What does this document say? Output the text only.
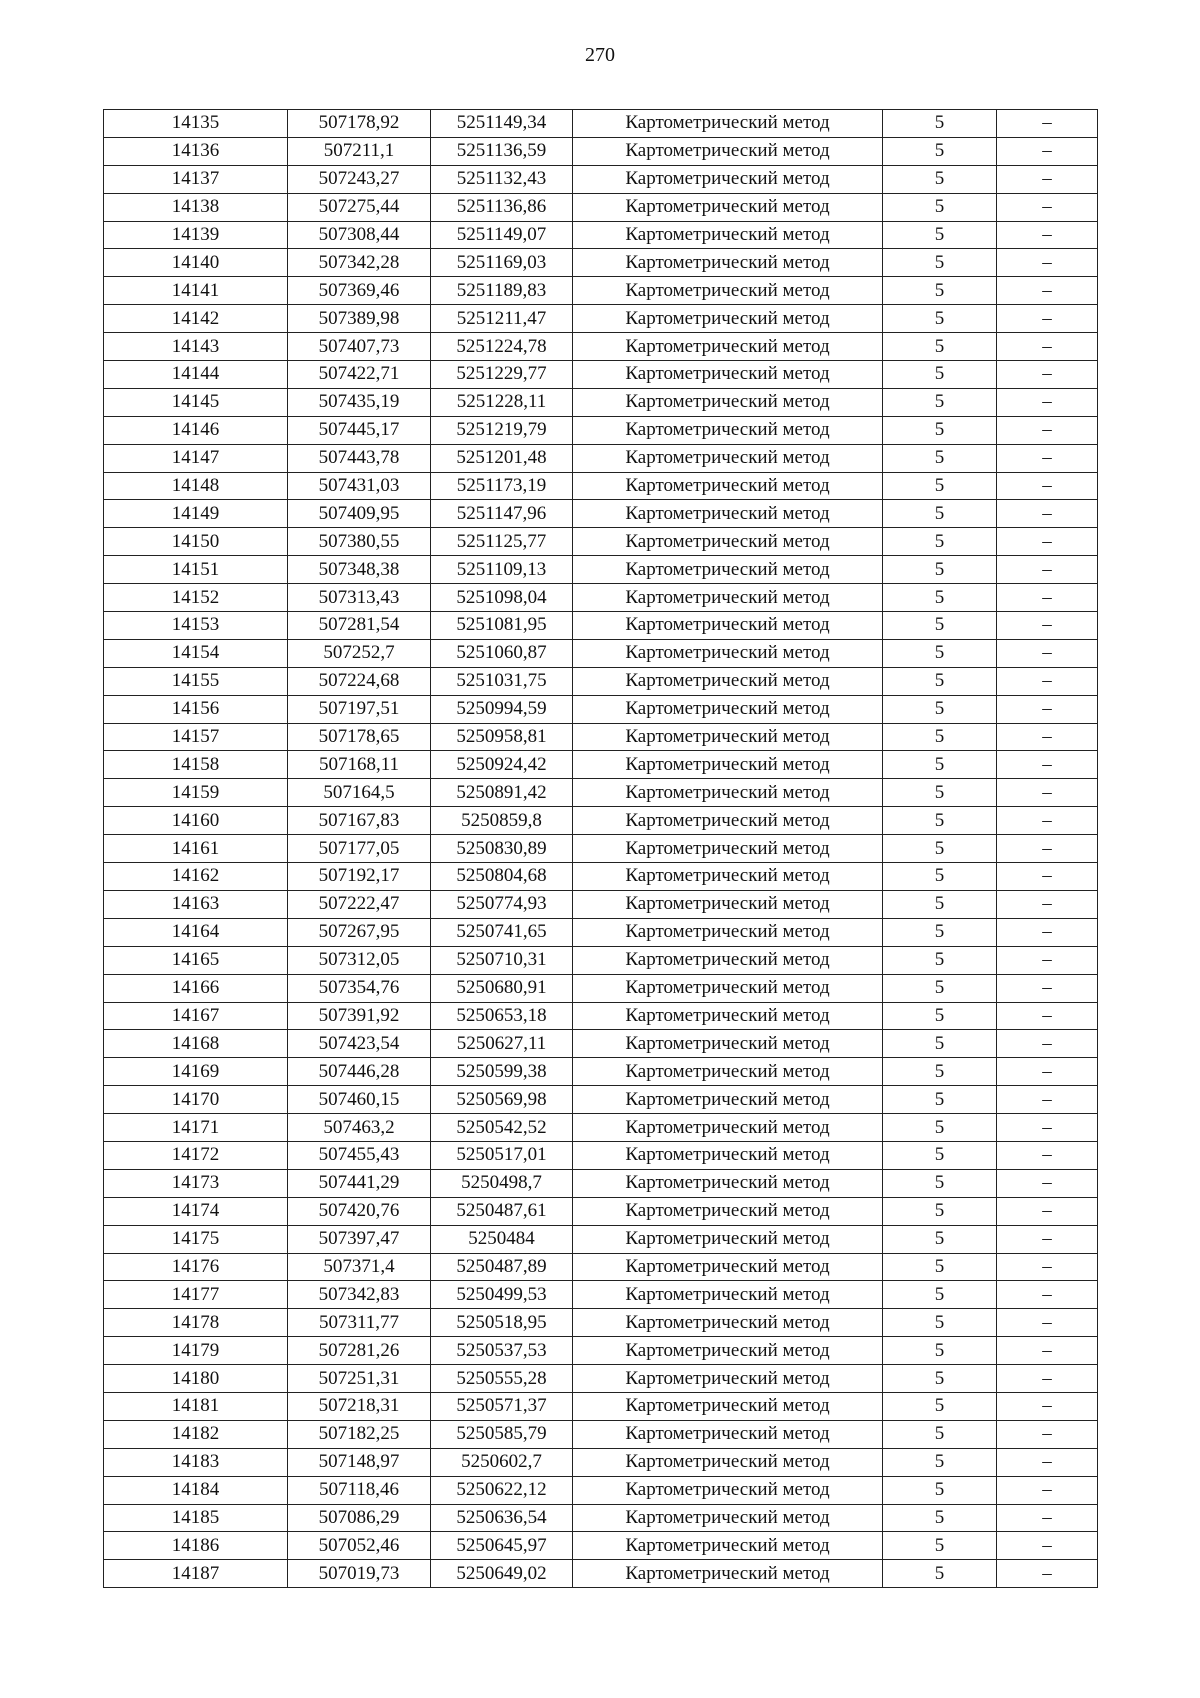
270
14135	507178,92	5251149,34	Картометрический метод	5	–
14136	507211,1	5251136,59	Картометрический метод	5	–
14137	507243,27	5251132,43	Картометрический метод	5	–
14138	507275,44	5251136,86	Картометрический метод	5	–
14139	507308,44	5251149,07	Картометрический метод	5	–
14140	507342,28	5251169,03	Картометрический метод	5	–
14141	507369,46	5251189,83	Картометрический метод	5	–
14142	507389,98	5251211,47	Картометрический метод	5	–
14143	507407,73	5251224,78	Картометрический метод	5	–
14144	507422,71	5251229,77	Картометрический метод	5	–
14145	507435,19	5251228,11	Картометрический метод	5	–
14146	507445,17	5251219,79	Картометрический метод	5	–
14147	507443,78	5251201,48	Картометрический метод	5	–
14148	507431,03	5251173,19	Картометрический метод	5	–
14149	507409,95	5251147,96	Картометрический метод	5	–
14150	507380,55	5251125,77	Картометрический метод	5	–
14151	507348,38	5251109,13	Картометрический метод	5	–
14152	507313,43	5251098,04	Картометрический метод	5	–
14153	507281,54	5251081,95	Картометрический метод	5	–
14154	507252,7	5251060,87	Картометрический метод	5	–
14155	507224,68	5251031,75	Картометрический метод	5	–
14156	507197,51	5250994,59	Картометрический метод	5	–
14157	507178,65	5250958,81	Картометрический метод	5	–
14158	507168,11	5250924,42	Картометрический метод	5	–
14159	507164,5	5250891,42	Картометрический метод	5	–
14160	507167,83	5250859,8	Картометрический метод	5	–
14161	507177,05	5250830,89	Картометрический метод	5	–
14162	507192,17	5250804,68	Картометрический метод	5	–
14163	507222,47	5250774,93	Картометрический метод	5	–
14164	507267,95	5250741,65	Картометрический метод	5	–
14165	507312,05	5250710,31	Картометрический метод	5	–
14166	507354,76	5250680,91	Картометрический метод	5	–
14167	507391,92	5250653,18	Картометрический метод	5	–
14168	507423,54	5250627,11	Картометрический метод	5	–
14169	507446,28	5250599,38	Картометрический метод	5	–
14170	507460,15	5250569,98	Картометрический метод	5	–
14171	507463,2	5250542,52	Картометрический метод	5	–
14172	507455,43	5250517,01	Картометрический метод	5	–
14173	507441,29	5250498,7	Картометрический метод	5	–
14174	507420,76	5250487,61	Картометрический метод	5	–
14175	507397,47	5250484	Картометрический метод	5	–
14176	507371,4	5250487,89	Картометрический метод	5	–
14177	507342,83	5250499,53	Картометрический метод	5	–
14178	507311,77	5250518,95	Картометрический метод	5	–
14179	507281,26	5250537,53	Картометрический метод	5	–
14180	507251,31	5250555,28	Картометрический метод	5	–
14181	507218,31	5250571,37	Картометрический метод	5	–
14182	507182,25	5250585,79	Картометрический метод	5	–
14183	507148,97	5250602,7	Картометрический метод	5	–
14184	507118,46	5250622,12	Картометрический метод	5	–
14185	507086,29	5250636,54	Картометрический метод	5	–
14186	507052,46	5250645,97	Картометрический метод	5	–
14187	507019,73	5250649,02	Картометрический метод	5	–
